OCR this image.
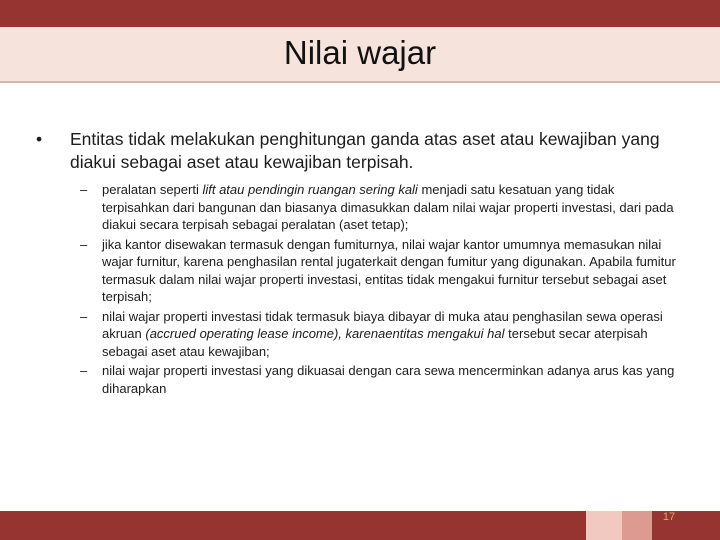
Nilai wajar
• Entitas tidak melakukan penghitungan ganda atas aset atau kewajiban yang diakui sebagai aset atau kewajiban terpisah.
– peralatan seperti lift atau pendingin ruangan sering kali menjadi satu kesatuan yang tidak terpisahkan dari bangunan dan biasanya dimasukkan dalam nilai wajar properti investasi, dari pada diakui secara terpisah sebagai peralatan (aset tetap);
– jika kantor disewakan termasuk dengan fumiturnya, nilai wajar kantor umumnya memasukan nilai wajar furnitur, karena penghasilan rental jugaterkait dengan fumitur yang digunakan. Apabila fumitur termasuk dalam nilai wajar properti investasi, entitas tidak mengakui furnitur tersebut sebagai aset terpisah;
– nilai wajar properti investasi tidak termasuk biaya dibayar di muka atau penghasilan sewa operasi akruan (accrued operating lease income), karenaentitas mengakui hal tersebut secar aterpisah sebagai aset atau kewajiban;
– nilai wajar properti investasi yang dikuasai dengan cara sewa mencerminkan adanya arus kas yang diharapkan
17
